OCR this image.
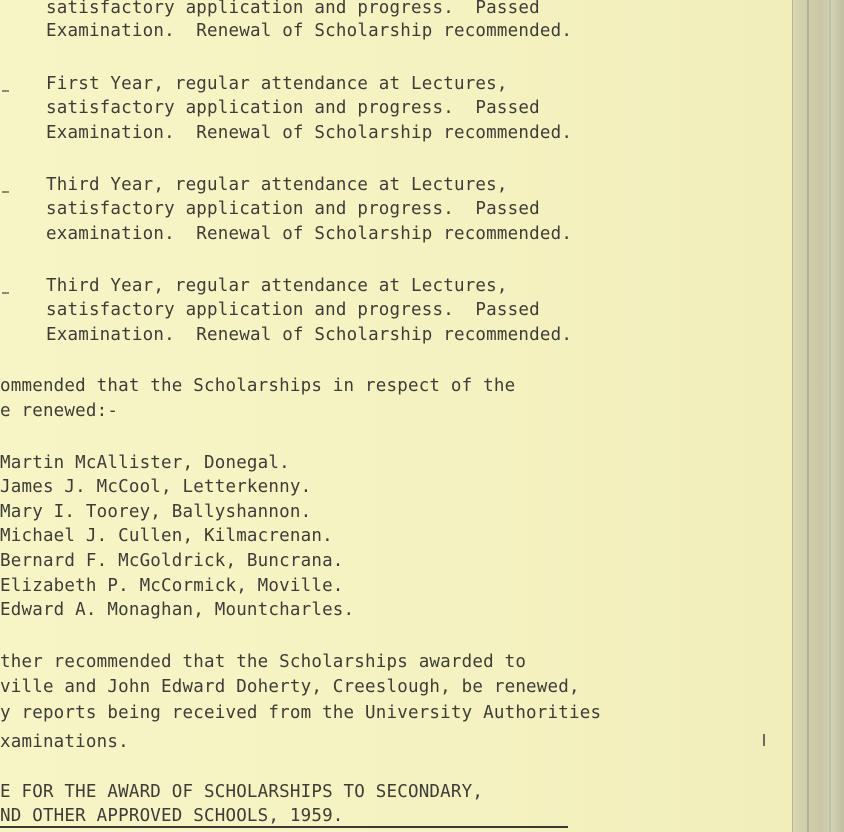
satisfactory application and progress.  Passed
Examination.  Renewal of Scholarship recommended.
First Year, regular attendance at Lectures,
satisfactory application and progress.  Passed
Examination.  Renewal of Scholarship recommended.
Third Year, regular attendance at Lectures,
satisfactory application and progress.  Passed
examination.  Renewal of Scholarship recommended.
Third Year, regular attendance at Lectures,
satisfactory application and progress.  Passed
Examination.  Renewal of Scholarship recommended.
ommended that the Scholarships in respect of the
e renewed:-
Martin McAllister, Donegal.
James J. McCool, Letterkenny.
Mary I. Toorey, Ballyshannon.
Michael J. Cullen, Kilmacrenan.
Bernard F. McGoldrick, Buncrana.
Elizabeth P. McCormick, Moville.
Edward A. Monaghan, Mountcharles.
ther recommended that the Scholarships awarded to
ville and John Edward Doherty, Creeslough, be renewed,
y reports being received from the University Authorities
xaminations.
E FOR THE AWARD OF SCHOLARSHIPS TO SECONDARY,
ND OTHER APPROVED SCHOOLS, 1959.
